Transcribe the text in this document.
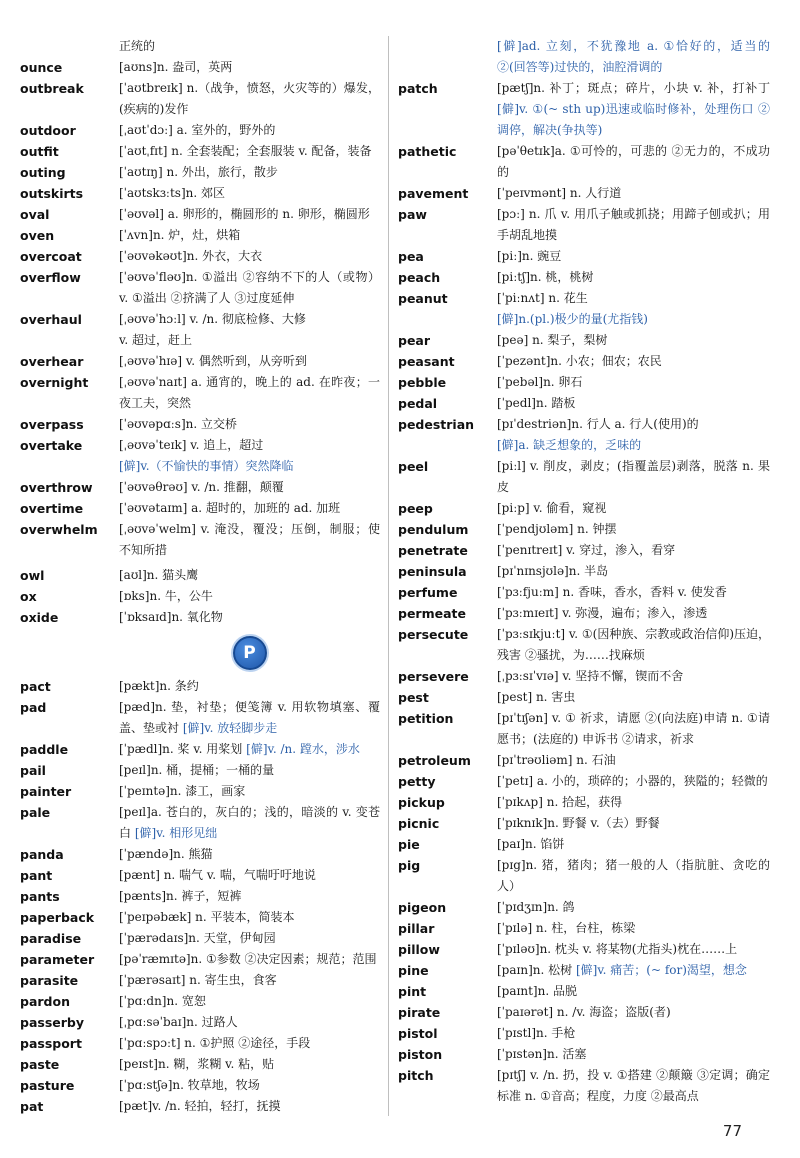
正统的
ounce	[aʊns]n. 盎司，英两
outbreak	[ˈaʊtbreɪk] n.（战争，愤怒，火灾等的）爆发，(疾病的)发作
outdoor	[ˌaʊtˈdɔː] a. 室外的，野外的
outfit	[ˈaʊtˌfɪt] n. 全套装配；全套服装 v. 配备，装备
outing	[ˈaʊtɪŋ] n. 外出，旅行，散步
outskirts	[ˈaʊtskɜːts]n. 郊区
oval	[ˈəʊvəl] a. 卵形的，椭圆形的 n. 卵形，椭圆形
oven	[ˈʌvn]n. 炉，灶，烘箱
overcoat	[ˈəʊvəkəʊt]n. 外衣，大衣
overflow	[ˈəʊvəˈfləʊ]n. ①溢出 ②容纳不下的人（或物） v. ①溢出 ②挤满了人 ③过度延伸
overhaul	[ˌəʊvəˈhɔːl] v. /n. 彻底检修、大修
v. 超过，赶上
overhear	[ˌəʊvəˈhɪə] v. 偶然听到，从旁听到
overnight	[ˌəʊvəˈnaɪt] a. 通宵的，晚上的 ad. 在昨夜；一夜工夫，突然
overpass	[ˈəʊvəpɑːs]n. 立交桥
overtake	[ˌəʊvəˈteɪk] v. 追上，超过
[僻]v.（不愉快的事情）突然降临
overthrow	[ˈəʊvəθrəʊ] v. /n. 推翻，颠覆
overtime	[ˈəʊvətaɪm] a. 超时的，加班的 ad. 加班
overwhelm	[ˌəʊvəˈwelm] v. 淹没，覆没；压倒，制服；使不知所措
owl	[aʊl]n. 猫头鹰
ox	[ɒks]n. 牛，公牛
oxide	[ˈɒksaɪd]n. 氧化物
P
pact	[pækt]n. 条约
pad	[pæd]n. 垫，衬垫；便笺簿 v. 用软物填塞、覆盖、垫或衬 [僻]v. 放轻脚步走
paddle	[ˈpædl]n. 桨 v. 用桨划 [僻]v. /n. 蹚水，涉水
pail	[peɪl]n. 桶，提桶；一桶的量
painter	[ˈpeɪntə]n. 漆工，画家
pale	[peɪl]a. 苍白的，灰白的；浅的，暗淡的 v. 变苍白 [僻]v. 相形见绌
panda	[ˈpændə]n. 熊猫
pant	[pænt] n. 喘气 v. 喘，气喘吁吁地说
pants	[pænts]n. 裤子，短裤
paperback	[ˈpeɪpəbæk] n. 平装本，简装本
paradise	[ˈpærədaɪs]n. 天堂，伊甸园
parameter	[pəˈræmɪtə]n. ①参数 ②决定因素；规范；范围
parasite	[ˈpærəsaɪt] n. 寄生虫，食客
pardon	[ˈpɑːdn]n. 宽恕
passerby	[ˌpɑːsəˈbaɪ]n. 过路人
passport	[ˈpɑːspɔːt] n. ①护照 ②途径，手段
paste	[peɪst]n. 糊，浆糊 v. 粘，贴
pasture	[ˈpɑːstʃə]n. 牧草地，牧场
pat	[pæt]v. /n. 轻拍，轻打，抚摸
[僻]ad. 立刻，不犹豫地 a. ①恰好的，适当的 ②(回答等)过快的，油腔滑调的
patch	[pætʃ]n. 补丁；斑点；碎片，小块 v. 补，打补丁 [僻]v. ①(~ sth up)迅速或临时修补，处理伤口 ②调停，解决(争执等)
pathetic	[pəˈθetɪk]a. ①可怜的，可悲的 ②无力的，不成功的
pavement	[ˈpeɪvmənt] n. 人行道
paw	[pɔː] n. 爪 v. 用爪子触或抓挠；用蹄子刨或扒；用手胡乱地摸
pea	[piː]n. 豌豆
peach	[piːtʃ]n. 桃，桃树
peanut	[ˈpiːnʌt] n. 花生
[僻]n.(pl.)极少的量(尤指钱)
pear	[peə] n. 梨子，梨树
peasant	[ˈpezənt]n. 小农；佃农；农民
pebble	[ˈpebəl]n. 卵石
pedal	[ˈpedl]n. 踏板
pedestrian	[pɪˈdestriən]n. 行人 a. 行人(使用)的
[僻]a. 缺乏想象的，乏味的
peel	[piːl] v. 削皮，剥皮；(指覆盖层)剥落，脱落 n. 果皮
peep	[piːp] v. 偷看，窥视
pendulum	[ˈpendjʊləm] n. 钟摆
penetrate	[ˈpenɪtreɪt] v. 穿过，渗入，看穿
peninsula	[pɪˈnɪnsjʊlə]n. 半岛
perfume	[ˈpɜːfjuːm] n. 香味，香水，香料 v. 使发香
permeate	[ˈpɜːmɪeɪt] v. 弥漫，遍布；渗入，渗透
persecute	[ˈpɜːsɪkjuːt] v. ①(因种族、宗教或政治信仰)压迫，残害 ②骚扰，为……找麻烦
persevere	[ˌpɜːsɪˈvɪə] v. 坚持不懈，锲而不舍
pest	[pest] n. 害虫
petition	[pɪˈtɪʃən] v. ① 祈求，请愿 ②(向法庭)申请 n. ①请愿书；(法庭的) 申诉书 ②请求，祈求
petroleum	[pɪˈtrəʊliəm] n. 石油
petty	[ˈpetɪ] a. 小的，琐碎的；小器的，狭隘的；轻微的
pickup	[ˈpɪkʌp] n. 拾起，获得
picnic	[ˈpɪknɪk]n. 野餐 v.（去）野餐
pie	[paɪ]n. 馅饼
pig	[pɪg]n. 猪，猪肉；猪一般的人（指肮脏、贪吃的人）
pigeon	[ˈpɪdʒɪn]n. 鸽
pillar	[ˈpɪlə] n. 柱，台柱，栋梁
pillow	[ˈpɪləʊ]n. 枕头 v. 将某物(尤指头)枕在……上
pine	[paɪn]n. 松树 [僻]v. 痛苦；(~ for)渴望，想念
pint	[paɪnt]n. 品脱
pirate	[ˈpaɪərət] n. /v. 海盗；盗版(者)
pistol	[ˈpɪstl]n. 手枪
piston	[ˈpɪstən]n. 活塞
pitch	[pɪtʃ] v. /n. 扔，投 v. ①搭建 ②颠簸 ③定调；确定标准 n. ①音高；程度，力度 ②最高点
77
